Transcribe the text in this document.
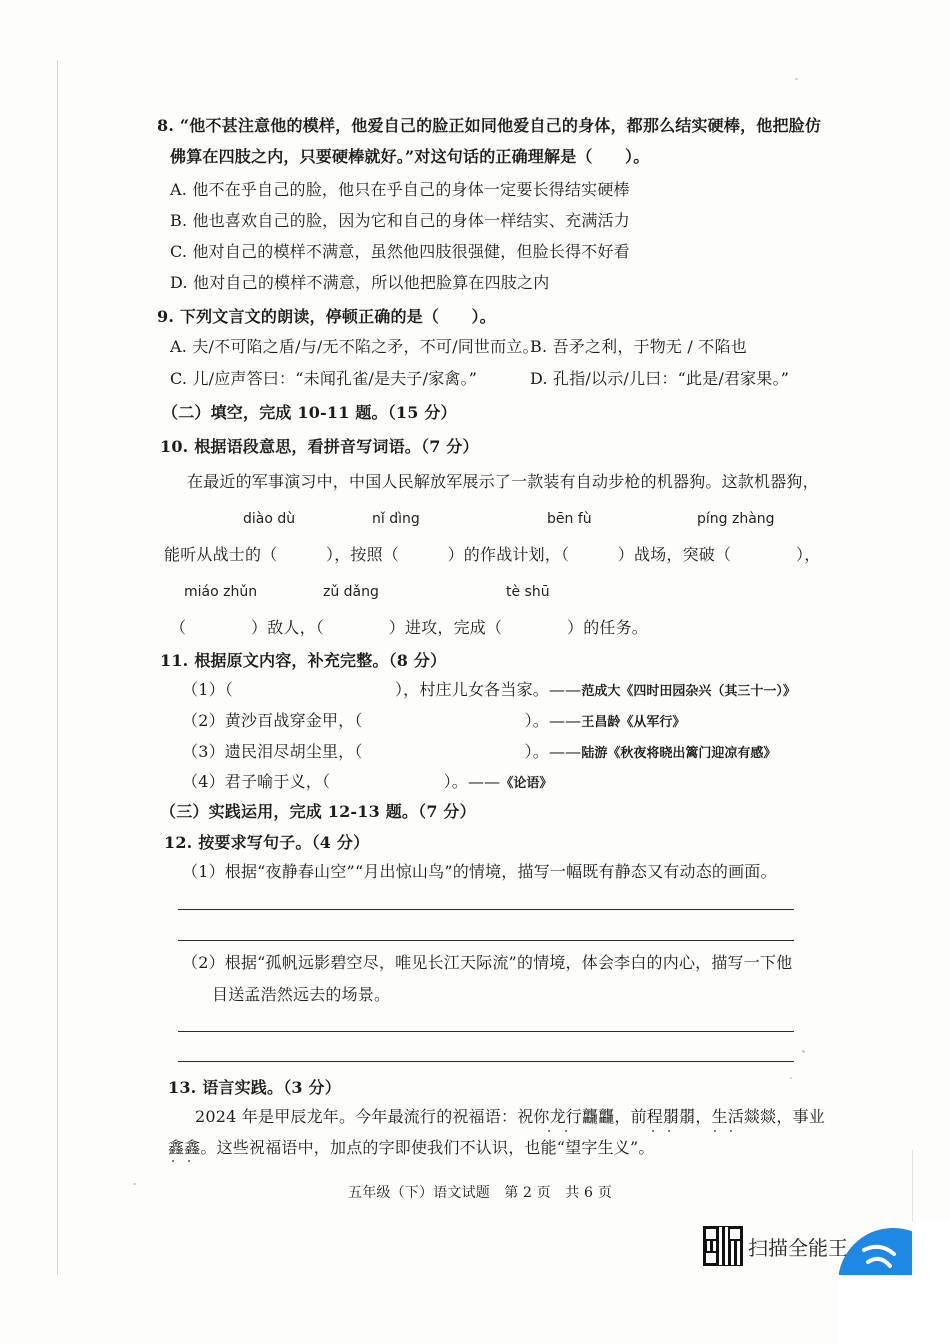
8. “他不甚注意他的模样，他爱自己的脸正如同他爱自己的身体，都那么结实硬棒，他把脸仿
佛算在四肢之内，只要硬棒就好。”对这句话的正确理解是（　　）。
A. 他不在乎自己的脸，他只在乎自己的身体一定要长得结实硬棒
B. 他也喜欢自己的脸，因为它和自己的身体一样结实、充满活力
C. 他对自己的模样不满意，虽然他四肢很强健，但脸长得不好看
D. 他对自己的模样不满意，所以他把脸算在四肢之内
9. 下列文言文的朗读，停顿正确的是（　　）。
A. 夫/不可陷之盾/与/无不陷之矛，不可/同世而立。
B. 吾矛之利，于物无 / 不陷也
C. 儿/应声答曰：“未闻孔雀/是夫子/家禽。”	D. 孔指/以示/儿曰：“此是/君家果。”
（二）填空，完成 10-11 题。（15 分）
10. 根据语段意思，看拼音写词语。（7 分）
在最近的军事演习中，中国人民解放军展示了一款装有自动步枪的机器狗。这款机器狗，
diào dù	nǐ dìng	bēn fù	píng zhàng
能听从战士的（　　　），按照（　　　）的作战计划，（　　　）战场，突破（　　　　），
miáo zhǔn	zǔ dǎng	tè shū
（　　　　）敌人，（　　　　）进攻，完成（　　　　）的任务。
11. 根据原文内容，补充完整。（8 分）
（1）（　　　　　　　　　　），村庄儿女各当家。——范成大《四时田园杂兴（其三十一）》
（2）黄沙百战穿金甲，（　　　　　　　　　　）。——王昌龄《从军行》
（3）遗民泪尽胡尘里，（　　　　　　　　　　）。——陆游《秋夜将晓出篱门迎凉有感》
（4）君子喻于义，（　　　　　　　）。——《论语》
（三）实践运用，完成 12-13 题。（7 分）
12. 按要求写句子。（4 分）
（1）根据“夜静春山空”“月出惊山鸟”的情境，描写一幅既有静态又有动态的画面。
（2）根据“孤帆远影碧空尽，唯见长江天际流”的情境，体会李白的内心，描写一下他
目送孟浩然远去的场景。
13. 语言实践。（3 分）
2024 年是甲辰龙年。今年最流行的祝福语：祝你龙行龘龘，前程朤朤，生活燚燚，事业
鑫鑫。这些祝福语中，加点的字即使我们不认识，也能“望字生义”。
五年级（下）语文试题　第 2 页　共 6 页
扫描全能王
